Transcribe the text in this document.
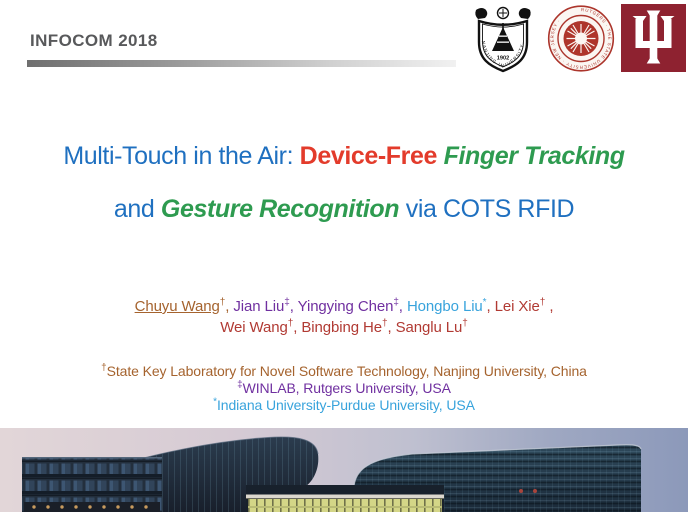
INFOCOM 2018
1902
NANJING UNIVERSITY
RUTGERS · THE STATE UNIVERSITY · NEW JERSEY ·
Multi-Touch in the Air: Device-Free Finger Tracking
and Gesture Recognition via COTS RFID
Chuyu Wang†, Jian Liu‡, Yingying Chen‡, Hongbo Liu*, Lei Xie† ,
Wei Wang†, Bingbing He†, Sanglu Lu†
†State Key Laboratory for Novel Software Technology, Nanjing University, China
‡WINLAB, Rutgers University, USA
*Indiana University-Purdue University, USA
